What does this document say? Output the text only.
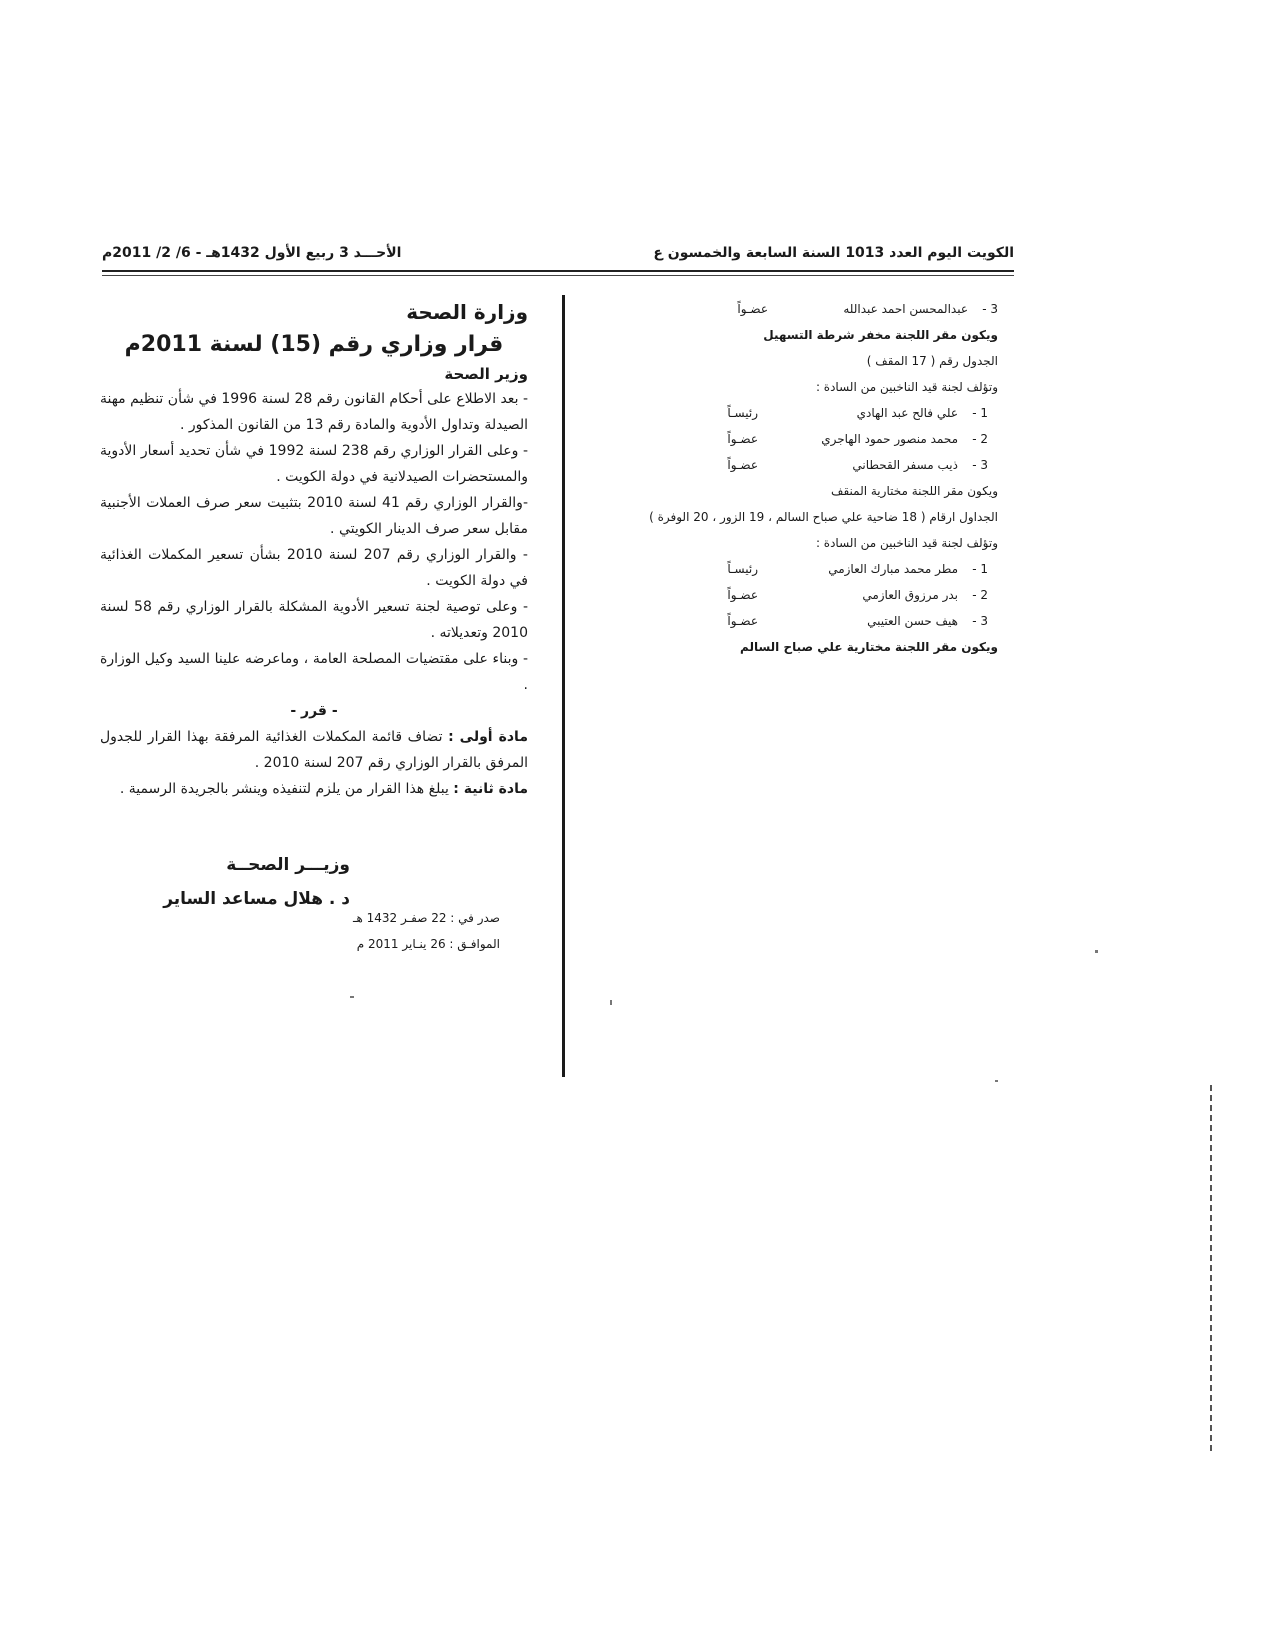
الكويت اليوم العدد 1013 السنة السابعة والخمسون ع
الأحـــد 3 ربيع الأول 1432هـ - 6/ 2/ 2011م
3 -
عبدالمحسن احمد عبدالله
عضـواً
ويكون مقر اللجنة مخفر شرطة التسهيل
الجدول رقم ( 17 المقف )
وتؤلف لجنة قيد الناخبين من السادة :
1 -
علي فالح عبد الهادي
رئيسـاً
2 -
محمد منصور حمود الهاجري
عضـواً
3 -
ذيب مسفر القحطاني
عضـواً
ويكون مقر اللجنة مختارية المنقف
الجداول ارقام ( 18 ضاحية علي صباح السالم ، 19 الزور ، 20 الوفرة )
وتؤلف لجنة قيد الناخبين من السادة :
1 -
مطر محمد مبارك العازمي
رئيسـاً
2 -
بدر مرزوق العازمي
عضـواً
3 -
هيف حسن العتيبي
عضـواً
ويكون مقر اللجنة مختارية علي صباح السالم
وزارة الصحة
قرار وزاري رقم (15) لسنة 2011م
وزير الصحة

- بعد الاطلاع على أحكام القانون رقم 28 لسنة 1996 في شأن تنظيم مهنة الصيدلة وتداول الأدوية والمادة رقم 13 من القانون المذكور .

- وعلى القرار الوزاري رقم 238 لسنة 1992 في شأن تحديد أسعار الأدوية والمستحضرات الصيدلانية في دولة الكويت .

-والقرار الوزاري رقم 41 لسنة 2010 بتثبيت سعر صرف العملات الأجنبية مقابل سعر صرف الدينار الكويتي .

- والقرار الوزاري رقم 207 لسنة 2010 بشأن تسعير المكملات الغذائية في دولة الكويت .

- وعلى توصية لجنة تسعير الأدوية المشكلة بالقرار الوزاري رقم 58 لسنة 2010 وتعديلاته .

- وبناء على مقتضيات المصلحة العامة ، وماعرضه علينا السيد وكيل الوزارة .

- قرر -

مادة أولى : تضاف قائمة المكملات الغذائية المرفقة بهذا القرار للجدول المرفق بالقرار الوزاري رقم 207 لسنة 2010 .

مادة ثانية : يبلغ هذا القرار من يلزم لتنفيذه وينشر بالجريدة الرسمية .

وزيـــر الصحــة
د . هلال مساعد الساير
صدر في : 22 صفـر 1432 هـ
الموافـق : 26 ينـاير 2011 م
